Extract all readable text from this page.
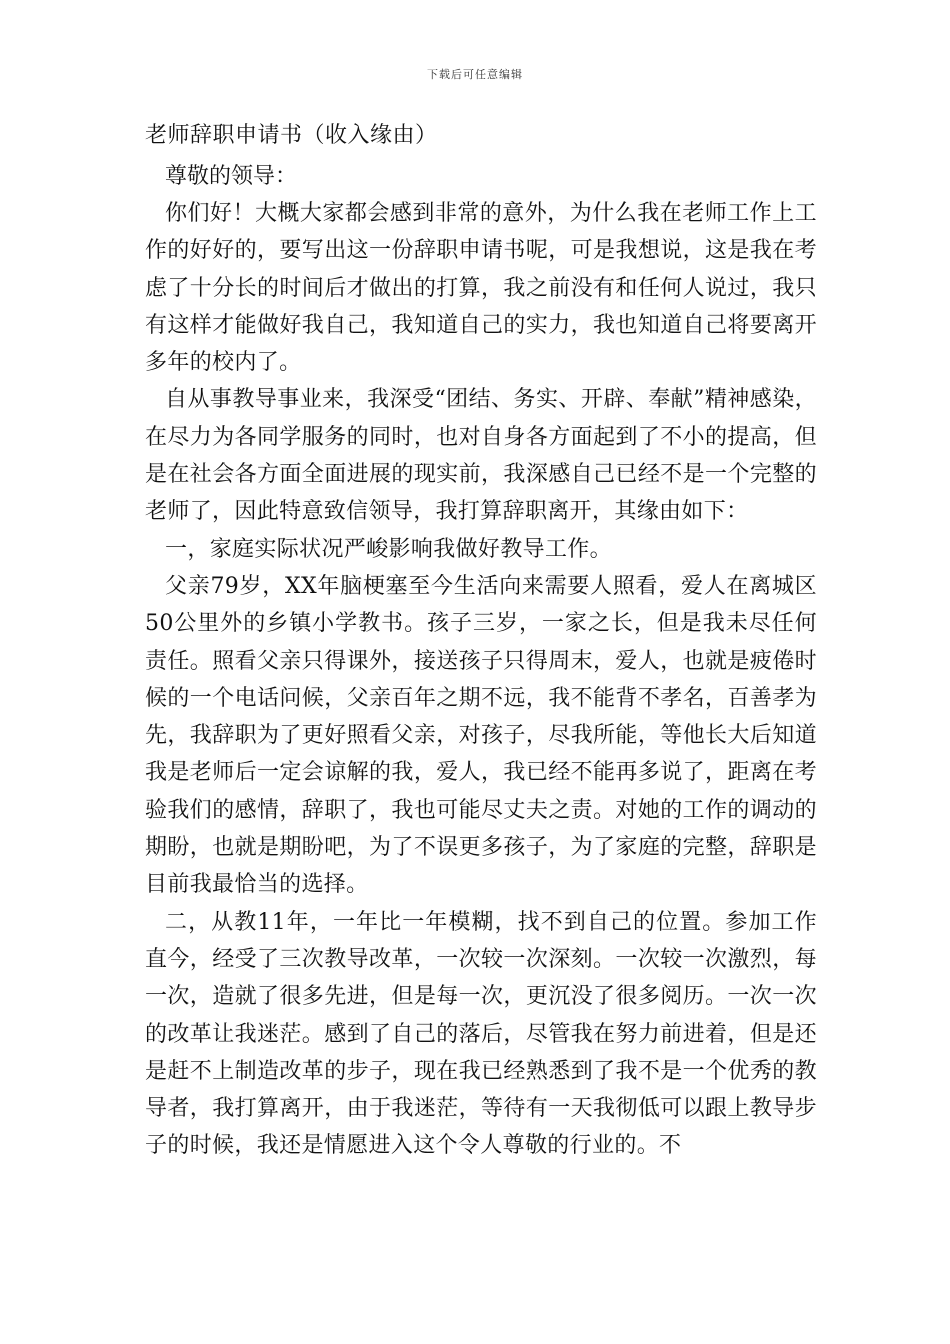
下载后可任意编辑
老师辞职申请书（收入缘由）

尊敬的领导：

你们好！大概大家都会感到非常的意外，为什么我在老师工作上工作的好好的，要写出这一份辞职申请书呢，可是我想说，这是我在考虑了十分长的时间后才做出的打算，我之前没有和任何人说过，我只有这样才能做好我自己，我知道自己的实力，我也知道自己将要离开多年的校内了。

自从事教导事业来，我深受“团结、务实、开辟、奉献”精神感染，在尽力为各同学服务的同时，也对自身各方面起到了不小的提高，但是在社会各方面全面进展的现实前，我深感自己已经不是一个完整的老师了，因此特意致信领导，我打算辞职离开，其缘由如下：

一，家庭实际状况严峻影响我做好教导工作。

父亲79岁，XX年脑梗塞至今生活向来需要人照看，爱人在离城区50公里外的乡镇小学教书。孩子三岁，一家之长，但是我未尽任何责任。照看父亲只得课外，接送孩子只得周末，爱人，也就是疲倦时候的一个电话问候，父亲百年之期不远，我不能背不孝名，百善孝为先，我辞职为了更好照看父亲，对孩子，尽我所能，等他长大后知道我是老师后一定会谅解的我，爱人，我已经不能再多说了，距离在考验我们的感情，辞职了，我也可能尽丈夫之责。对她的工作的调动的期盼，也就是期盼吧，为了不误更多孩子，为了家庭的完整，辞职是目前我最恰当的选择。

二，从教11年，一年比一年模糊，找不到自己的位置。参加工作直今，经受了三次教导改革，一次较一次深刻。一次较一次激烈，每一次，造就了很多先进，但是每一次，更沉没了很多阅历。一次一次的改革让我迷茫。感到了自己的落后，尽管我在努力前进着，但是还是赶不上制造改革的步子，现在我已经熟悉到了我不是一个优秀的教导者，我打算离开，由于我迷茫，等待有一天我彻低可以跟上教导步子的时候，我还是情愿进入这个令人尊敬的行业的。不
